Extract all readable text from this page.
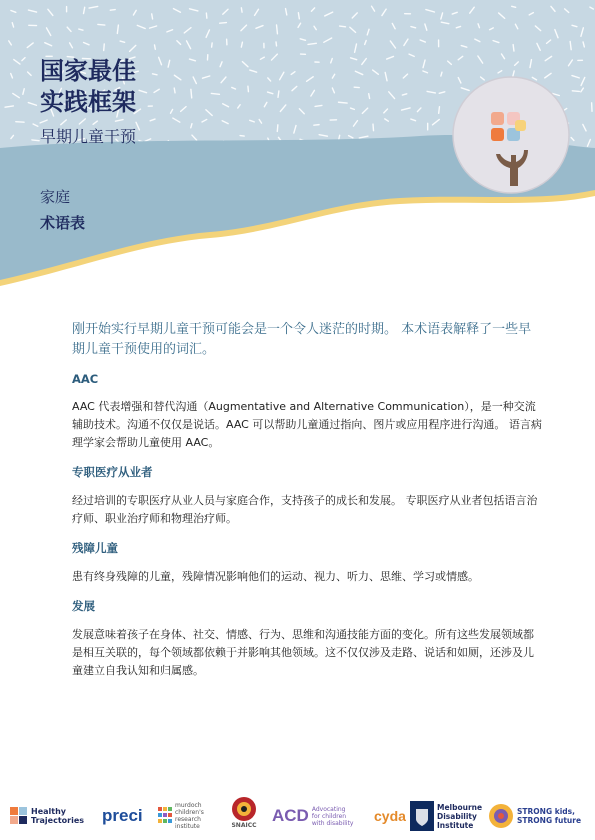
国家最佳
实践框架
早期儿童干预
家庭
术语表
刚开始实行早期儿童干预可能会是一个令人迷茫的时期。 本术语表解释了一些早期儿童干预使用的词汇。
AAC
AAC 代表增强和替代沟通（Augmentative and Alternative Communication），是一种交流辅助技术。沟通不仅仅是说话。AAC 可以帮助儿童通过指向、图片或应用程序进行沟通。 语言病理学家会帮助儿童使用 AAC。
专职医疗从业者
经过培训的专职医疗从业人员与家庭合作，支持孩子的成长和发展。 专职医疗从业者包括语言治疗师、职业治疗师和物理治疗师。
残障儿童
患有终身残障的儿童，残障情况影响他们的运动、视力、听力、思维、学习或情感。
发展
发展意味着孩子在身体、社交、情感、行为、思维和沟通技能方面的变化。所有这些发展领域都是相互关联的，每个领域都依赖于并影响其他领域。这不仅仅涉及走路、说话和如厕，还涉及儿童建立自我认知和归属感。
Healthy
Trajectories preci
murdoch
children's
research
institute	SNAICC
ACD Advocating
for children
with disability cyda
Melbourne
Disability
Institute
STRONG kids,
STRONG future
